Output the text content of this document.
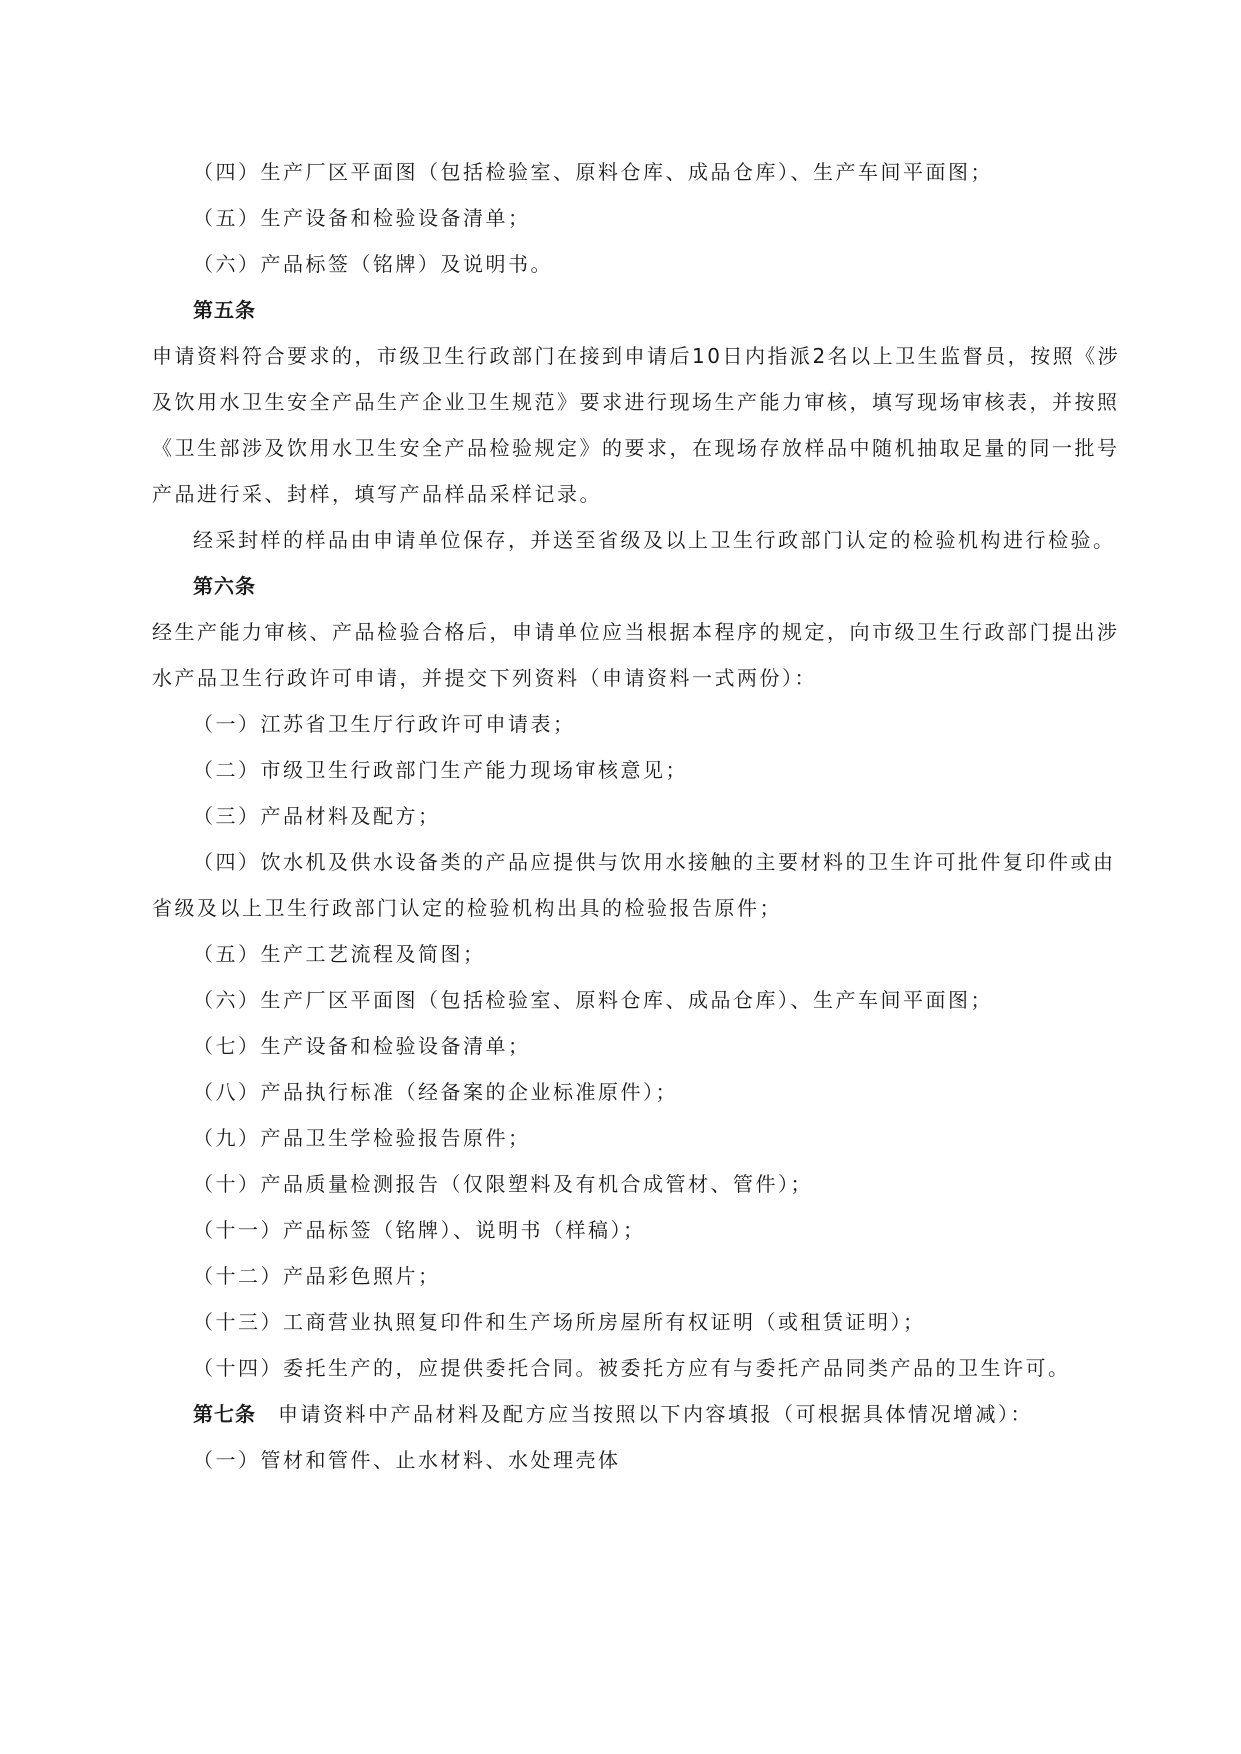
（四）生产厂区平面图（包括检验室、原料仓库、成品仓库）、生产车间平面图；
（五）生产设备和检验设备清单；
（六）产品标签（铭牌）及说明书。
第五条
申请资料符合要求的，市级卫生行政部门在接到申请后10日内指派2名以上卫生监督员，按照《涉
及饮用水卫生安全产品生产企业卫生规范》要求进行现场生产能力审核，填写现场审核表，并按照
《卫生部涉及饮用水卫生安全产品检验规定》的要求，在现场存放样品中随机抽取足量的同一批号
产品进行采、封样，填写产品样品采样记录。
经采封样的样品由申请单位保存，并送至省级及以上卫生行政部门认定的检验机构进行检验。
第六条
经生产能力审核、产品检验合格后，申请单位应当根据本程序的规定，向市级卫生行政部门提出涉
水产品卫生行政许可申请，并提交下列资料（申请资料一式两份）：
（一）江苏省卫生厅行政许可申请表；
（二）市级卫生行政部门生产能力现场审核意见；
（三）产品材料及配方；
（四）饮水机及供水设备类的产品应提供与饮用水接触的主要材料的卫生许可批件复印件或由
省级及以上卫生行政部门认定的检验机构出具的检验报告原件；
（五）生产工艺流程及简图；
（六）生产厂区平面图（包括检验室、原料仓库、成品仓库）、生产车间平面图；
（七）生产设备和检验设备清单；
（八）产品执行标准（经备案的企业标准原件）；
（九）产品卫生学检验报告原件；
（十）产品质量检测报告（仅限塑料及有机合成管材、管件）；
（十一）产品标签（铭牌）、说明书（样稿）；
（十二）产品彩色照片；
（十三）工商营业执照复印件和生产场所房屋所有权证明（或租赁证明）；
（十四）委托生产的，应提供委托合同。被委托方应有与委托产品同类产品的卫生许可。
第七条 申请资料中产品材料及配方应当按照以下内容填报（可根据具体情况增减）：
（一）管材和管件、止水材料、水处理壳体
